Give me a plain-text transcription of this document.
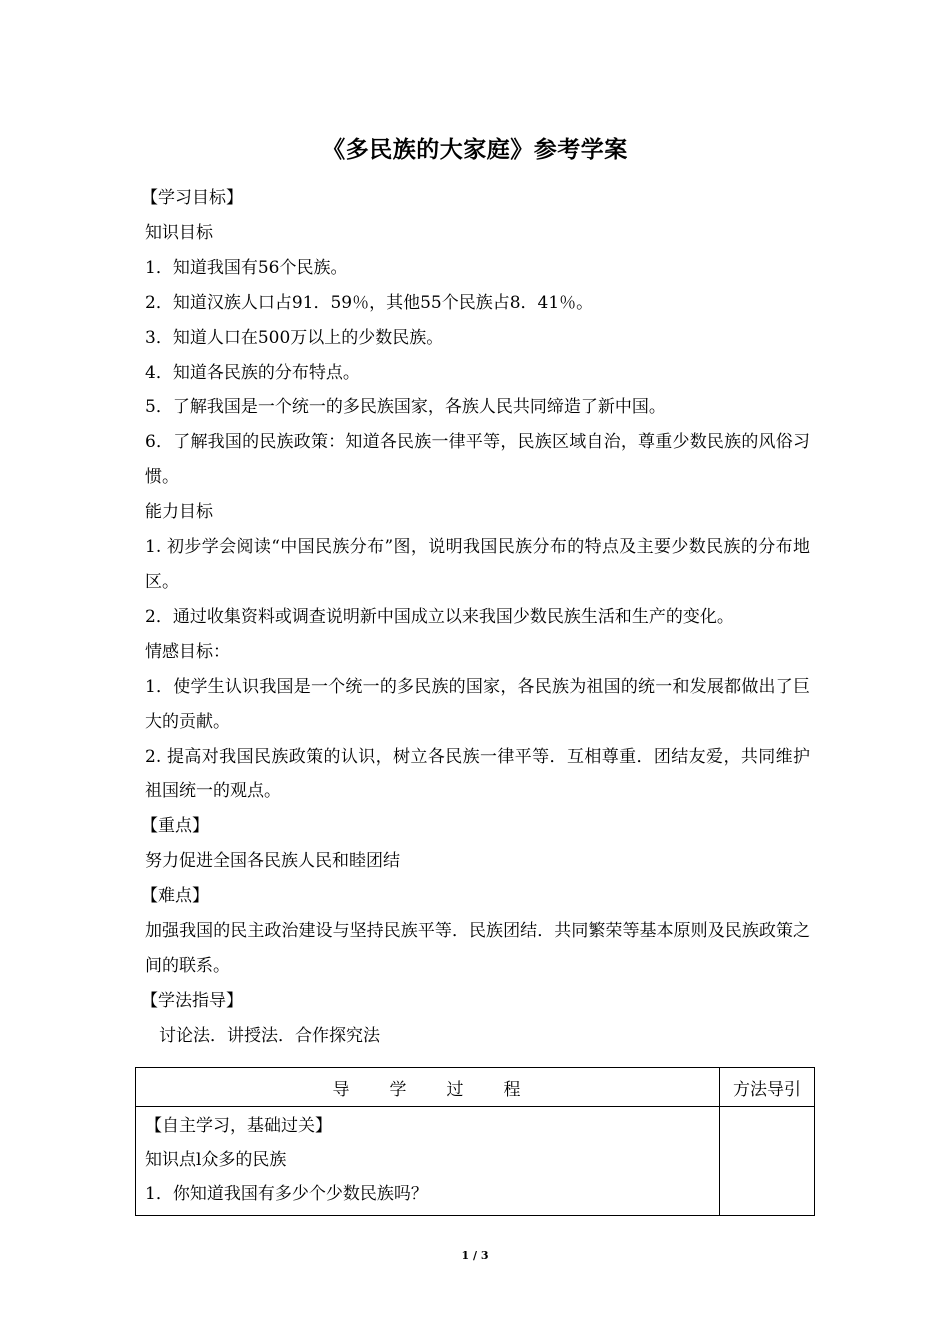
《多民族的大家庭》参考学案

【学习目标】

知识目标

1．知道我国有56个民族。

2．知道汉族人口占91．59％，其他55个民族占8．41％。

3．知道人口在500万以上的少数民族。

4．知道各民族的分布特点。

5．了解我国是一个统一的多民族国家，各族人民共同缔造了新中国。

6．了解我国的民族政策：知道各民族一律平等，民族区域自治，尊重少数民族的风俗习惯。

能力目标

1. 初步学会阅读“中国民族分布”图，说明我国民族分布的特点及主要少数民族的分布地区。

2．通过收集资料或调查说明新中国成立以来我国少数民族生活和生产的变化。

情感目标：

1．使学生认识我国是一个统一的多民族的国家，各民族为祖国的统一和发展都做出了巨大的贡献。

2. 提高对我国民族政策的认识，树立各民族一律平等．互相尊重．团结友爱，共同维护祖国统一的观点。

【重点】

努力促进全国各民族人民和睦团结

【难点】

加强我国的民主政治建设与坚持民族平等．民族团结．共同繁荣等基本原则及民族政策之间的联系。

【学法指导】

讨论法．讲授法．合作探究法

导 学 过 程	方法导引

【自主学习，基础过关】

知识点l众多的民族

1．你知道我国有多少个少数民族吗？	

1 / 3
